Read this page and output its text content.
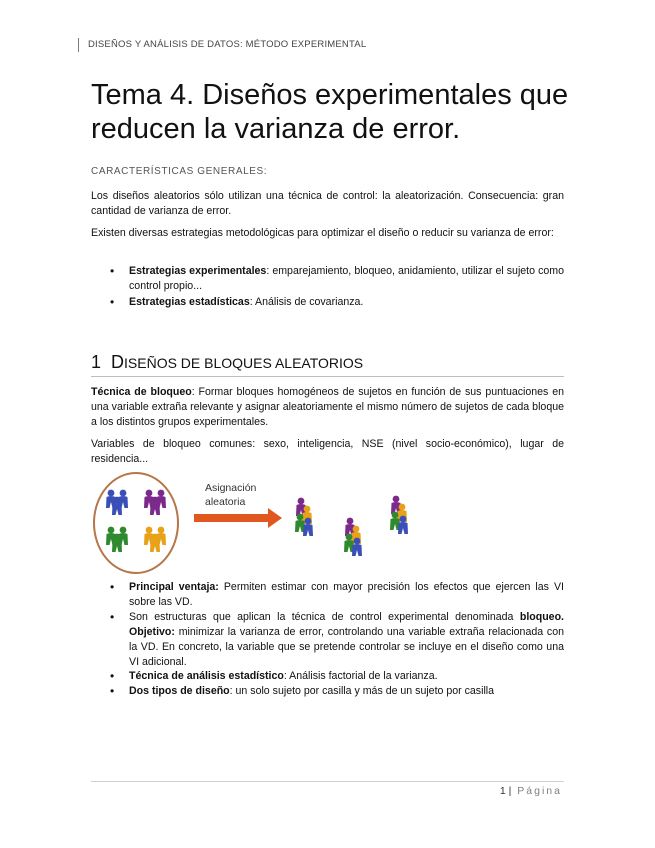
DISEÑOS Y ANÁLISIS DE DATOS: MÉTODO EXPERIMENTAL
Tema 4. Diseños experimentales que
reducen la varianza de error.
CARACTERÍSTICAS GENERALES:

Los diseños aleatorios sólo utilizan una técnica de control: la aleatorización. Consecuencia: gran cantidad de varianza de error.

Existen diversas estrategias metodológicas para optimizar el diseño o reducir su varianza de error:

• Estrategias experimentales: emparejamiento, bloqueo, anidamiento, utilizar el sujeto como control propio...
• Estrategias estadísticas: Análisis de covarianza.
1 DISEÑOS DE BLOQUES ALEATORIOS

Técnica de bloqueo: Formar bloques homogéneos de sujetos en función de sus puntuaciones en una variable extraña relevante y asignar aleatoriamente el mismo número de sujetos de cada bloque a los distintos grupos experimentales.

Variables de bloqueo comunes: sexo, inteligencia, NSE (nivel socio-económico), lugar de residencia...

Asignación
aleatoria
• Principal ventaja: Permiten estimar con mayor precisión los efectos que ejercen las VI sobre las VD.
• Son estructuras que aplican la técnica de control experimental denominada bloqueo. Objetivo: minimizar la varianza de error, controlando una variable extraña relacionada con la VD. En concreto, la variable que se pretende controlar se incluye en el diseño como una VI adicional.
• Técnica de análisis estadístico: Análisis factorial de la varianza.
• Dos tipos de diseño: un solo sujeto por casilla y más de un sujeto por casilla
1 | Página
